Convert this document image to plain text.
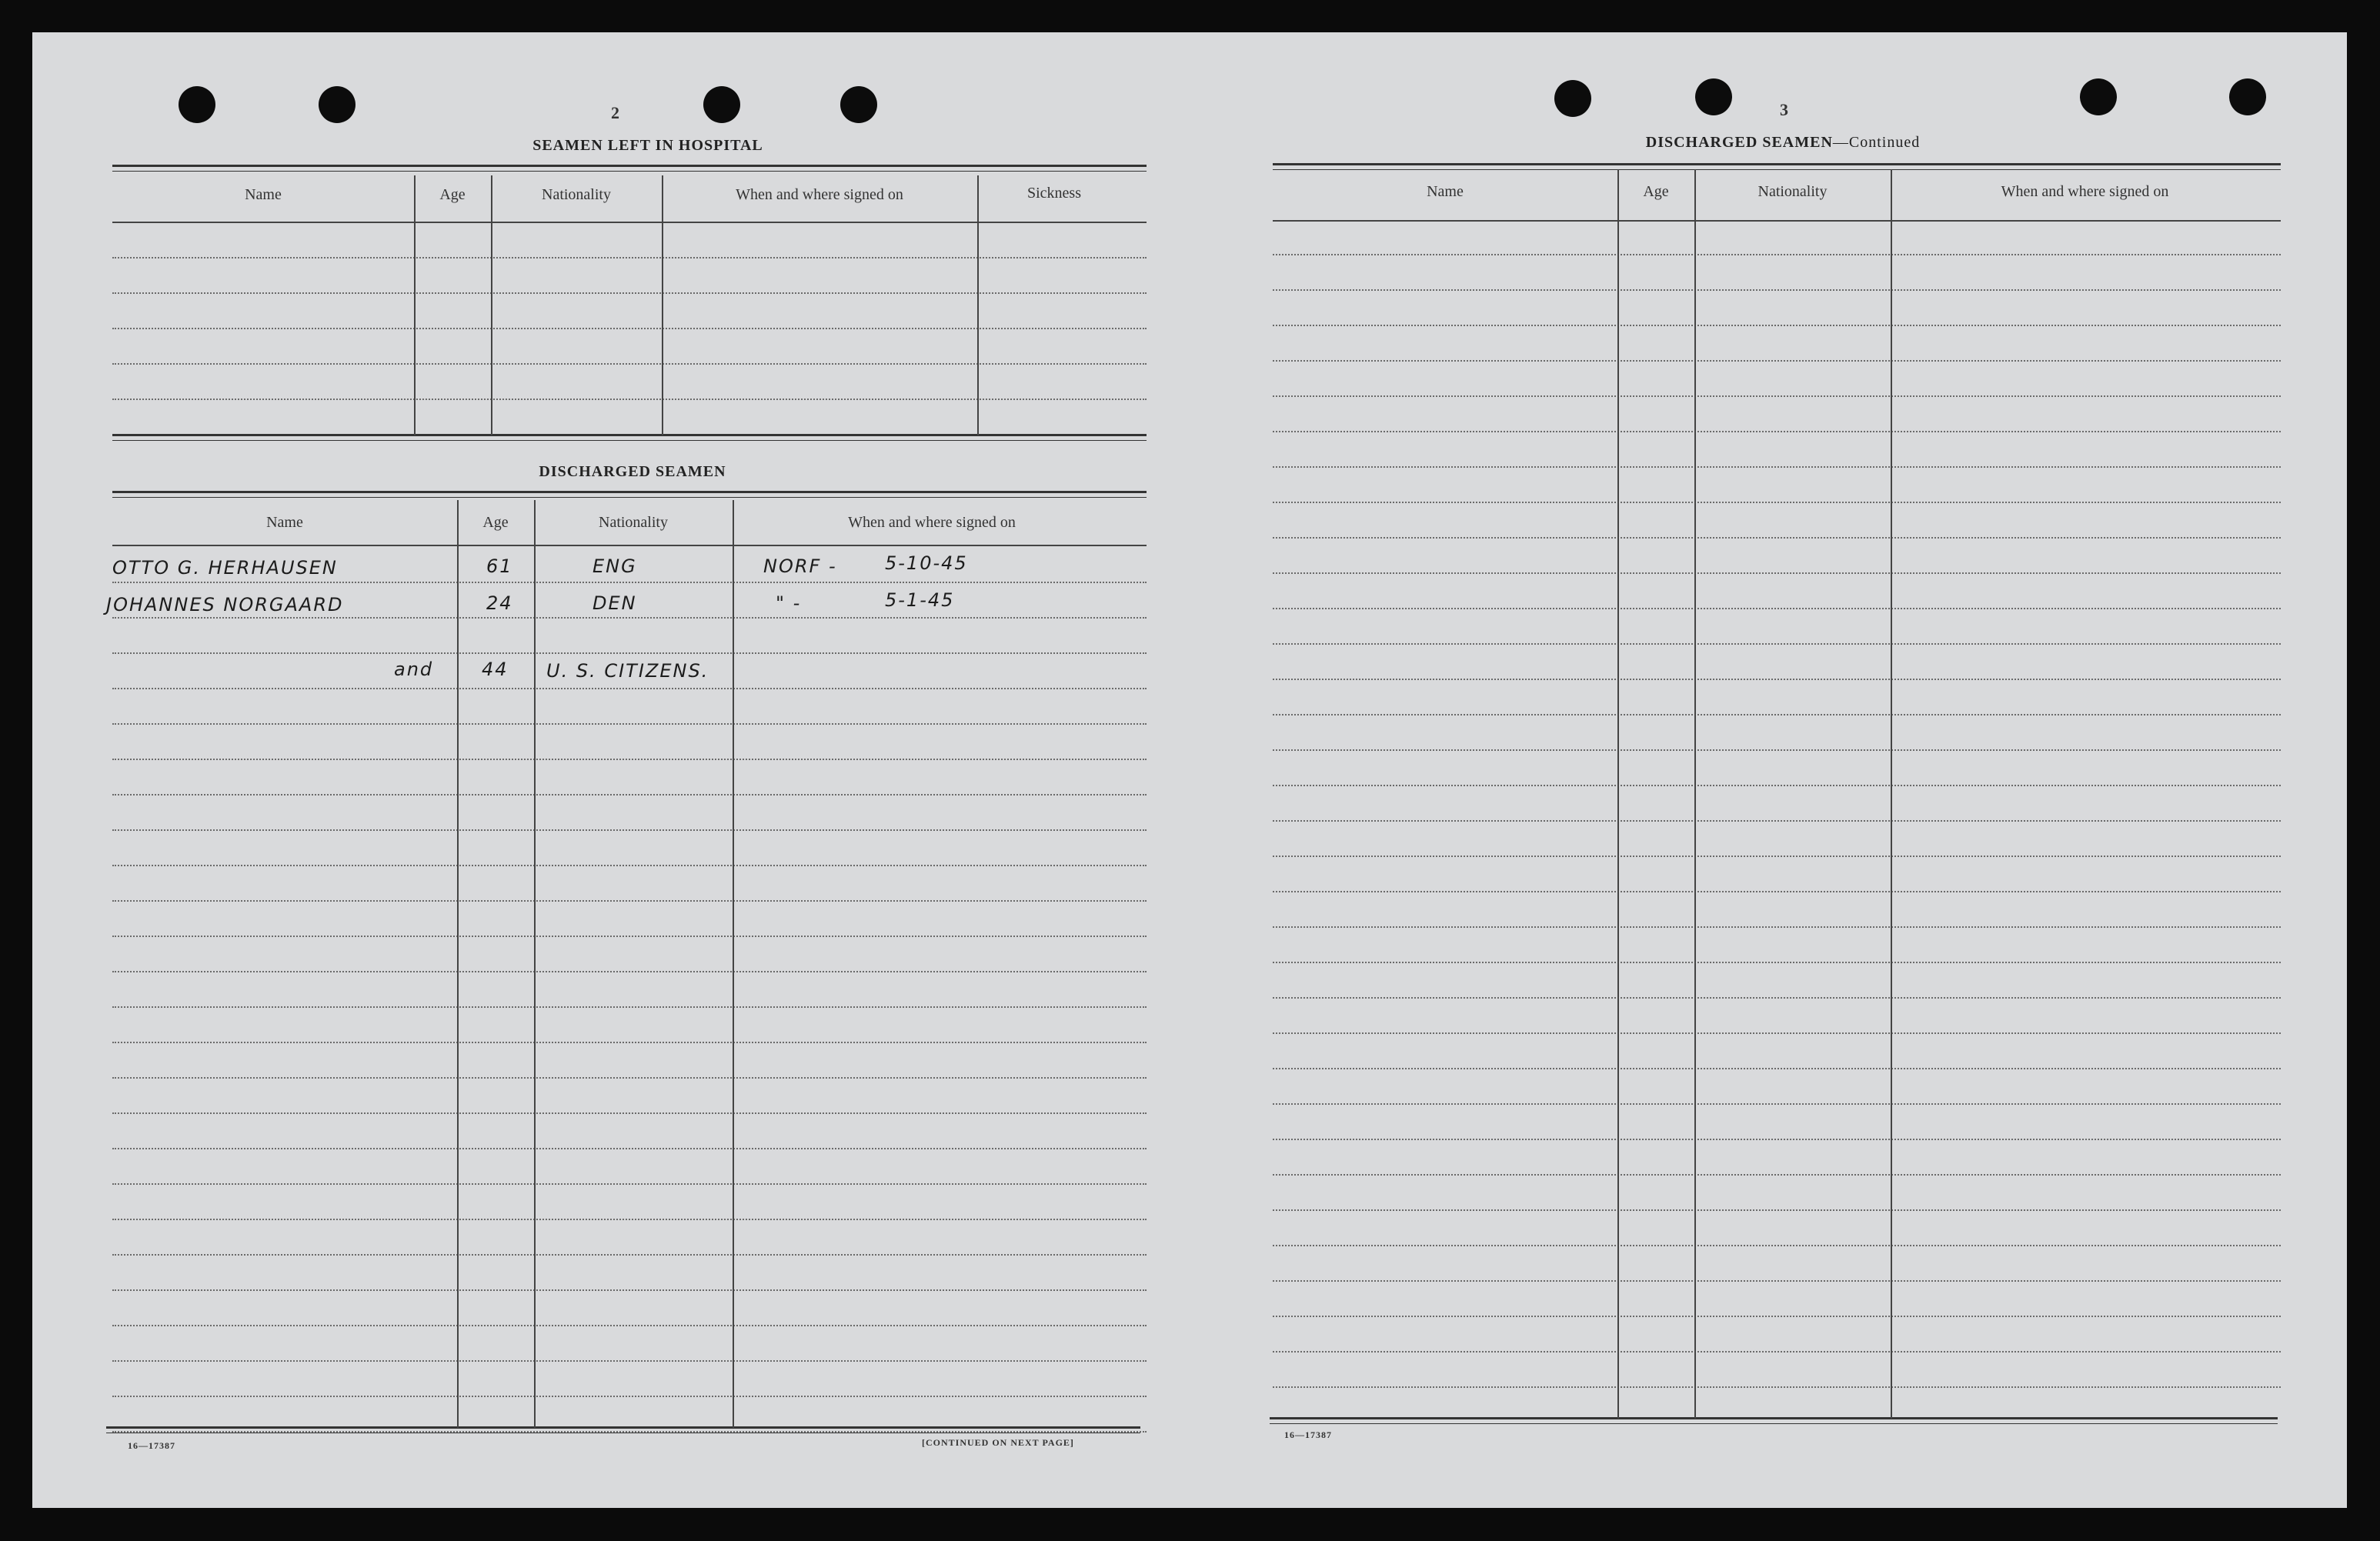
2
SEAMEN LEFT IN HOSPITAL
Name	Age	Nationality	When and where signed on	Sickness
DISCHARGED SEAMEN
Name	Age	Nationality	When and where signed on
OTTO G. HERHAUSEN	61	ENG	NORF -	5-10-45
JOHANNES NORGAARD	24	DEN	" -	5-1-45
and	44 U. S. CITIZENS.
16—17387	[CONTINUED ON NEXT PAGE]
3
DISCHARGED SEAMEN—Continued
Name	Age	Nationality	When and where signed on
16—17387
